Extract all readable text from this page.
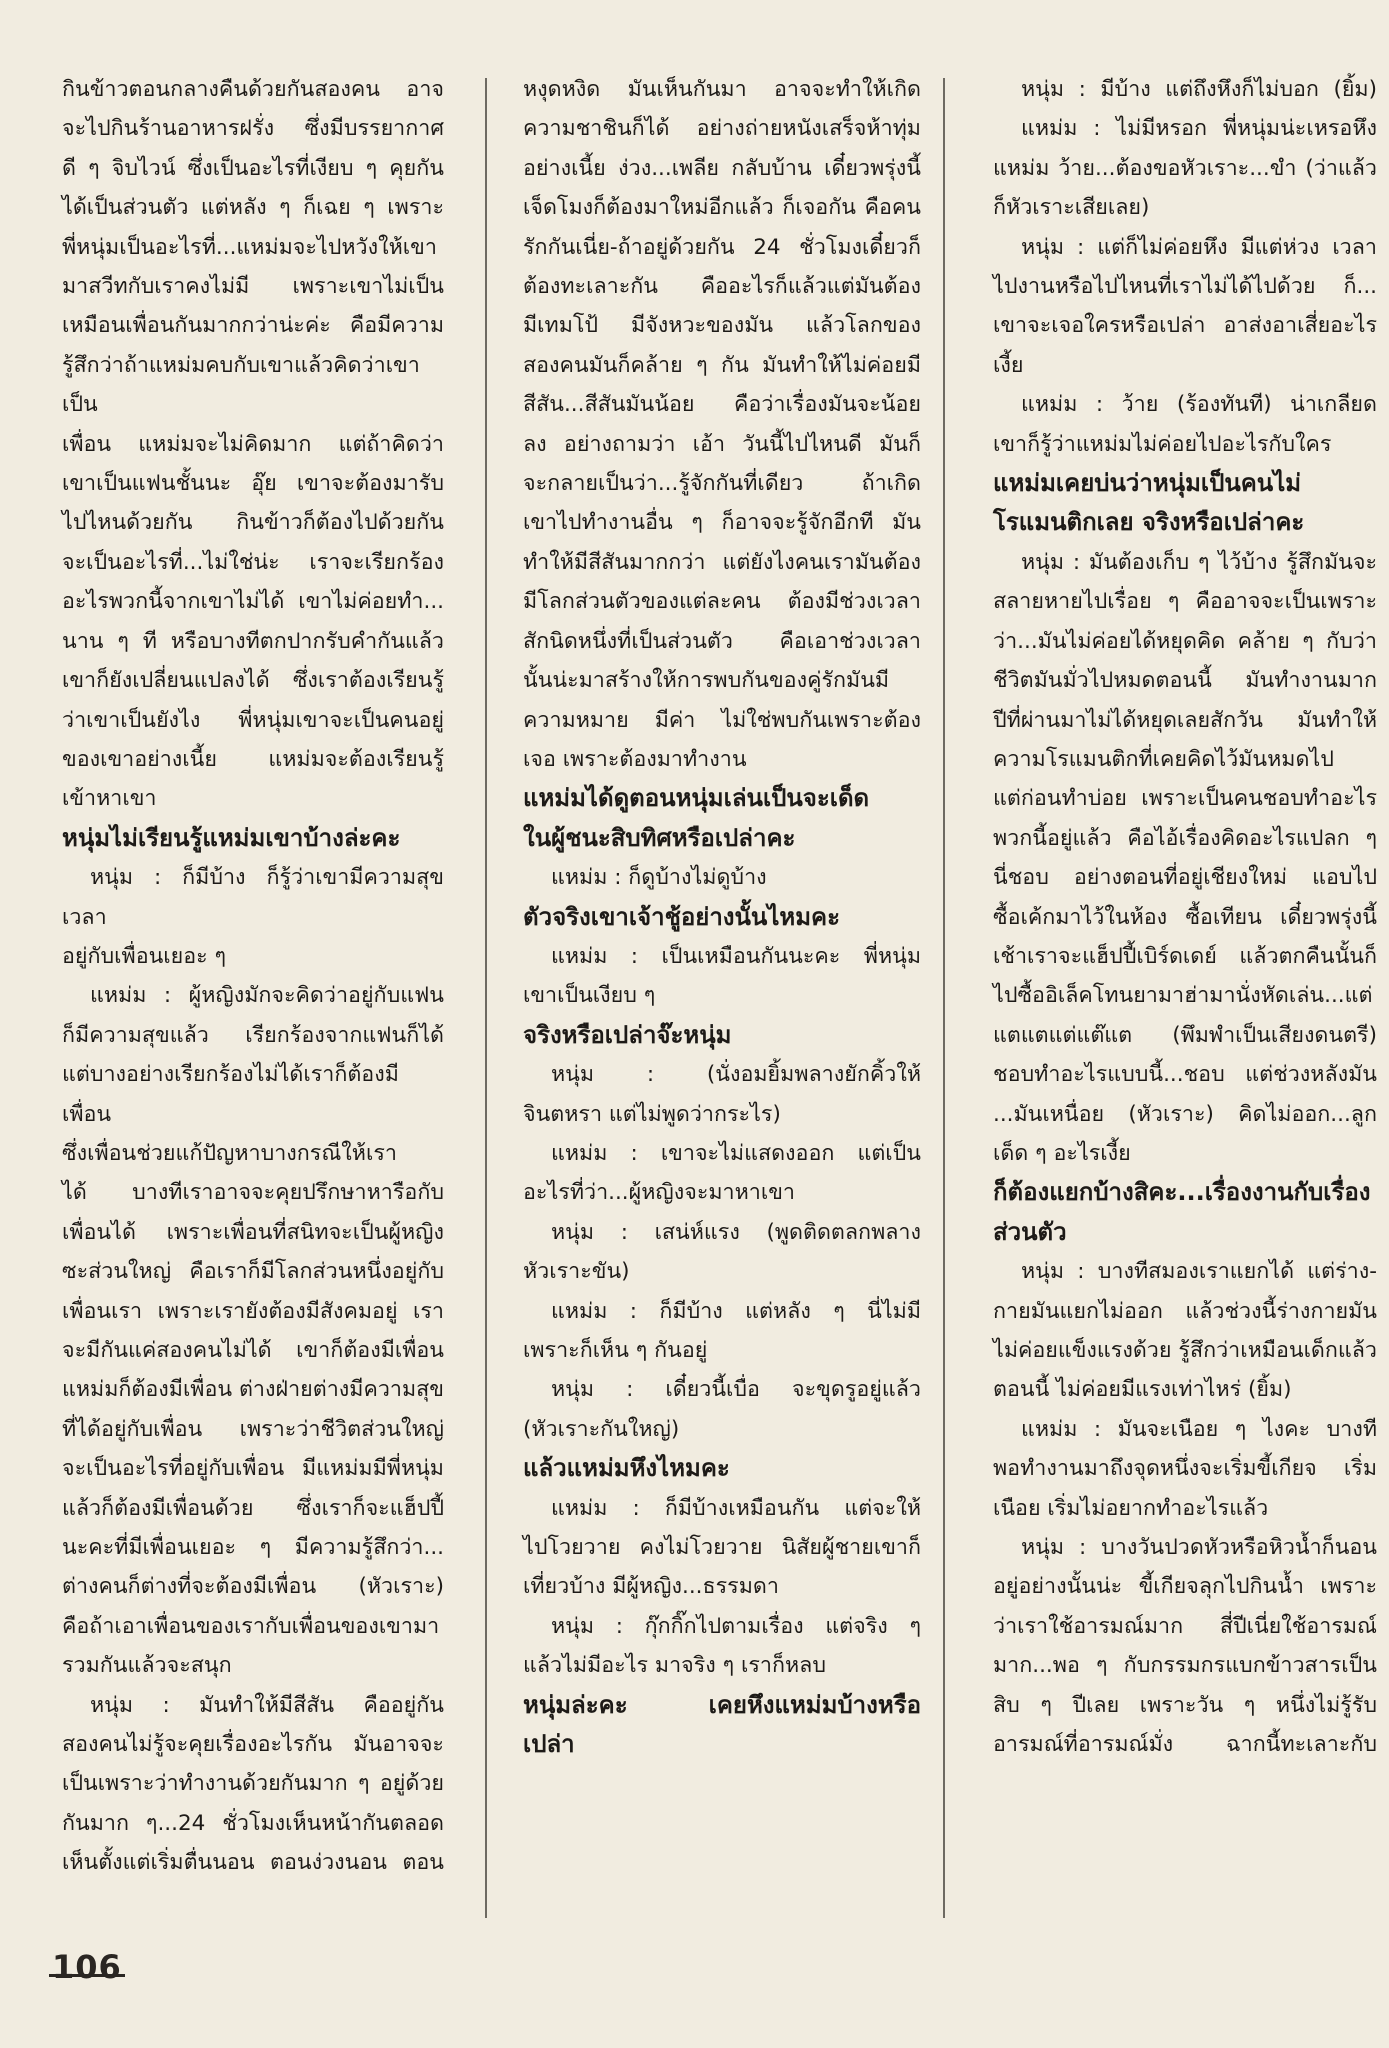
กินข้าวตอนกลางคืนด้วยกันสองคน อาจ

จะไปกินร้านอาหารฝรั่ง ซึ่งมีบรรยากาศ

ดี ๆ จิบไวน์ ซึ่งเป็นอะไรที่เงียบ ๆ คุยกัน

ได้เป็นส่วนตัว แต่หลัง ๆ ก็เฉย ๆ เพราะ

พี่หนุ่มเป็นอะไรที่...แหม่มจะไปหวังให้เขา

มาสวีทกับเราคงไม่มี เพราะเขาไม่เป็น

เหมือนเพื่อนกันมากกว่าน่ะค่ะ คือมีความ

รู้สึกว่าถ้าแหม่มคบกับเขาแล้วคิดว่าเขาเป็น

เพื่อน แหม่มจะไม่คิดมาก แต่ถ้าคิดว่า

เขาเป็นแฟนชั้นนะ อุ๊ย เขาจะต้องมารับ

ไปไหนด้วยกัน กินข้าวก็ต้องไปด้วยกัน

จะเป็นอะไรที่...ไม่ใช่น่ะ เราจะเรียกร้อง

อะไรพวกนี้จากเขาไม่ได้ เขาไม่ค่อยทำ...

นาน ๆ ที หรือบางทีตกปากรับคำกันแล้ว

เขาก็ยังเปลี่ยนแปลงได้ ซึ่งเราต้องเรียนรู้

ว่าเขาเป็นยังไง พี่หนุ่มเขาจะเป็นคนอยู่

ของเขาอย่างเนี้ย แหม่มจะต้องเรียนรู้

เข้าหาเขา

หนุ่มไม่เรียนรู้แหม่มเขาบ้างล่ะคะ

หนุ่ม : ก็มีบ้าง ก็รู้ว่าเขามีความสุขเวลา

อยู่กับเพื่อนเยอะ ๆ

แหม่ม : ผู้หญิงมักจะคิดว่าอยู่กับแฟน

ก็มีความสุขแล้ว เรียกร้องจากแฟนก็ได้

แต่บางอย่างเรียกร้องไม่ได้เราก็ต้องมีเพื่อน

ซึ่งเพื่อนช่วยแก้ปัญหาบางกรณีให้เรา

ได้ บางทีเราอาจจะคุยปรึกษาหารือกับ

เพื่อนได้ เพราะเพื่อนที่สนิทจะเป็นผู้หญิง

ซะส่วนใหญ่ คือเราก็มีโลกส่วนหนึ่งอยู่กับ

เพื่อนเรา เพราะเรายังต้องมีสังคมอยู่ เรา

จะมีกันแค่สองคนไม่ได้ เขาก็ต้องมีเพื่อน

แหม่มก็ต้องมีเพื่อน ต่างฝ่ายต่างมีความสุข

ที่ได้อยู่กับเพื่อน เพราะว่าชีวิตส่วนใหญ่

จะเป็นอะไรที่อยู่กับเพื่อน มีแหม่มมีพี่หนุ่ม

แล้วก็ต้องมีเพื่อนด้วย ซึ่งเราก็จะแฮ็ปปี้

นะคะที่มีเพื่อนเยอะ ๆ มีความรู้สึกว่า...

ต่างคนก็ต่างที่จะต้องมีเพื่อน (หัวเราะ)

คือถ้าเอาเพื่อนของเรากับเพื่อนของเขามา

รวมกันแล้วจะสนุก

หนุ่ม : มันทำให้มีสีสัน คืออยู่กัน

สองคนไม่รู้จะคุยเรื่องอะไรกัน มันอาจจะ

เป็นเพราะว่าทำงานด้วยกันมาก ๆ อยู่ด้วย

กันมาก ๆ...24 ชั่วโมงเห็นหน้ากันตลอด

เห็นตั้งแต่เริ่มตื่นนอน ตอนง่วงนอน ตอน

หงุดหงิด มันเห็นกันมา อาจจะทำให้เกิด

ความชาชินก็ได้ อย่างถ่ายหนังเสร็จห้าทุ่ม

อย่างเนี้ย ง่วง...เพลีย กลับบ้าน เดี๋ยวพรุ่งนี้

เจ็ดโมงก็ต้องมาใหม่อีกแล้ว ก็เจอกัน คือคน

รักกันเนี่ย-ถ้าอยู่ด้วยกัน 24 ชั่วโมงเดี๋ยวก็

ต้องทะเลาะกัน คืออะไรก็แล้วแต่มันต้อง

มีเทมโป้ มีจังหวะของมัน แล้วโลกของ

สองคนมันก็คล้าย ๆ กัน มันทำให้ไม่ค่อยมี

สีสัน...สีสันมันน้อย คือว่าเรื่องมันจะน้อย

ลง อย่างถามว่า เอ้า วันนี้ไปไหนดี มันก็

จะกลายเป็นว่า...รู้จักกันที่เดียว ถ้าเกิด

เขาไปทำงานอื่น ๆ ก็อาจจะรู้จักอีกที มัน

ทำให้มีสีสันมากกว่า แต่ยังไงคนเรามันต้อง

มีโลกส่วนตัวของแต่ละคน ต้องมีช่วงเวลา

สักนิดหนึ่งที่เป็นส่วนตัว คือเอาช่วงเวลา

นั้นน่ะมาสร้างให้การพบกันของคู่รักมันมี

ความหมาย มีค่า ไม่ใช่พบกันเพราะต้อง

เจอ เพราะต้องมาทำงาน

แหม่มได้ดูตอนหนุ่มเล่นเป็นจะเด็ด

ในผู้ชนะสิบทิศหรือเปล่าคะ

แหม่ม : ก็ดูบ้างไม่ดูบ้าง

ตัวจริงเขาเจ้าชู้อย่างนั้นไหมคะ

แหม่ม : เป็นเหมือนกันนะคะ พี่หนุ่ม

เขาเป็นเงียบ ๆ

จริงหรือเปล่าจ๊ะหนุ่ม

หนุ่ม : (นั่งอมยิ้มพลางยักคิ้วให้

จินตหรา แต่ไม่พูดว่ากระไร)

แหม่ม : เขาจะไม่แสดงออก แต่เป็น

อะไรที่ว่า...ผู้หญิงจะมาหาเขา

หนุ่ม : เสน่ห์แรง (พูดติดตลกพลาง

หัวเราะขัน)

แหม่ม : ก็มีบ้าง แต่หลัง ๆ นี่ไม่มี

เพราะก็เห็น ๆ กันอยู่

หนุ่ม : เดี๋ยวนี้เบื่อ จะขุดรูอยู่แล้ว

(หัวเราะกันใหญ่)

แล้วแหม่มหึงไหมคะ

แหม่ม : ก็มีบ้างเหมือนกัน แต่จะให้

ไปโวยวาย คงไม่โวยวาย นิสัยผู้ชายเขาก็

เที่ยวบ้าง มีผู้หญิง...ธรรมดา

หนุ่ม : กุ๊กกิ๊กไปตามเรื่อง แต่จริง ๆ

แล้วไม่มีอะไร มาจริง ๆ เราก็หลบ

หนุ่มล่ะคะ เคยหึงแหม่มบ้างหรือ

เปล่า

หนุ่ม : มีบ้าง แต่ถึงหึงก็ไม่บอก (ยิ้ม)

แหม่ม : ไม่มีหรอก พี่หนุ่มน่ะเหรอหึง

แหม่ม ว้าย...ต้องขอหัวเราะ...ขำ (ว่าแล้ว

ก็หัวเราะเสียเลย)

หนุ่ม : แต่ก็ไม่ค่อยหึง มีแต่ห่วง เวลา

ไปงานหรือไปไหนที่เราไม่ได้ไปด้วย ก็...

เขาจะเจอใครหรือเปล่า อาส่งอาเสี่ยอะไร

เงี้ย

แหม่ม : ว้าย (ร้องทันที) น่าเกลียด

เขาก็รู้ว่าแหม่มไม่ค่อยไปอะไรกับใคร

แหม่มเคยบ่นว่าหนุ่มเป็นคนไม่

โรแมนติกเลย จริงหรือเปล่าคะ

หนุ่ม : มันต้องเก็บ ๆ ไว้บ้าง รู้สึกมันจะ

สลายหายไปเรื่อย ๆ คืออาจจะเป็นเพราะ

ว่า...มันไม่ค่อยได้หยุดคิด คล้าย ๆ กับว่า

ชีวิตมันมั่วไปหมดตอนนี้ มันทำงานมาก

ปีที่ผ่านมาไม่ได้หยุดเลยสักวัน มันทำให้

ความโรแมนติกที่เคยคิดไว้มันหมดไป

แต่ก่อนทำบ่อย เพราะเป็นคนชอบทำอะไร

พวกนี้อยู่แล้ว คือไอ้เรื่องคิดอะไรแปลก ๆ

นี่ชอบ อย่างตอนที่อยู่เชียงใหม่ แอบไป

ซื้อเค้กมาไว้ในห้อง ซื้อเทียน เดี๋ยวพรุ่งนี้

เช้าเราจะแฮ็ปปี้เบิร์ดเดย์ แล้วตกคืนนั้นก็

ไปซื้ออิเล็คโทนยามาฮ่ามานั่งหัดเล่น...แต่

แตแตแต่แต๊แต (พึมพำเป็นเสียงดนตรี)

ชอบทำอะไรแบบนี้...ชอบ แต่ช่วงหลังมัน

...มันเหนื่อย (หัวเราะ) คิดไม่ออก...ลูก

เด็ด ๆ อะไรเงี้ย

ก็ต้องแยกบ้างสิคะ...เรื่องงานกับเรื่อง

ส่วนตัว

หนุ่ม : บางทีสมองเราแยกได้ แต่ร่าง-

กายมันแยกไม่ออก แล้วช่วงนี้ร่างกายมัน

ไม่ค่อยแข็งแรงด้วย รู้สึกว่าเหมือนเด็กแล้ว

ตอนนี้ ไม่ค่อยมีแรงเท่าไหร่ (ยิ้ม)

แหม่ม : มันจะเนือย ๆ ไงคะ บางที

พอทำงานมาถึงจุดหนึ่งจะเริ่มขี้เกียจ เริ่ม

เนือย เริ่มไม่อยากทำอะไรแล้ว

หนุ่ม : บางวันปวดหัวหรือหิวน้ำก็นอน

อยู่อย่างนั้นน่ะ ขี้เกียจลุกไปกินน้ำ เพราะ

ว่าเราใช้อารมณ์มาก สี่ปีเนี่ยใช้อารมณ์

มาก...พอ ๆ กับกรรมกรแบกข้าวสารเป็น

สิบ ๆ ปีเลย เพราะวัน ๆ หนึ่งไม่รู้รับ

อารมณ์ที่อารมณ์มั่ง ฉากนี้ทะเลาะกับ

106
